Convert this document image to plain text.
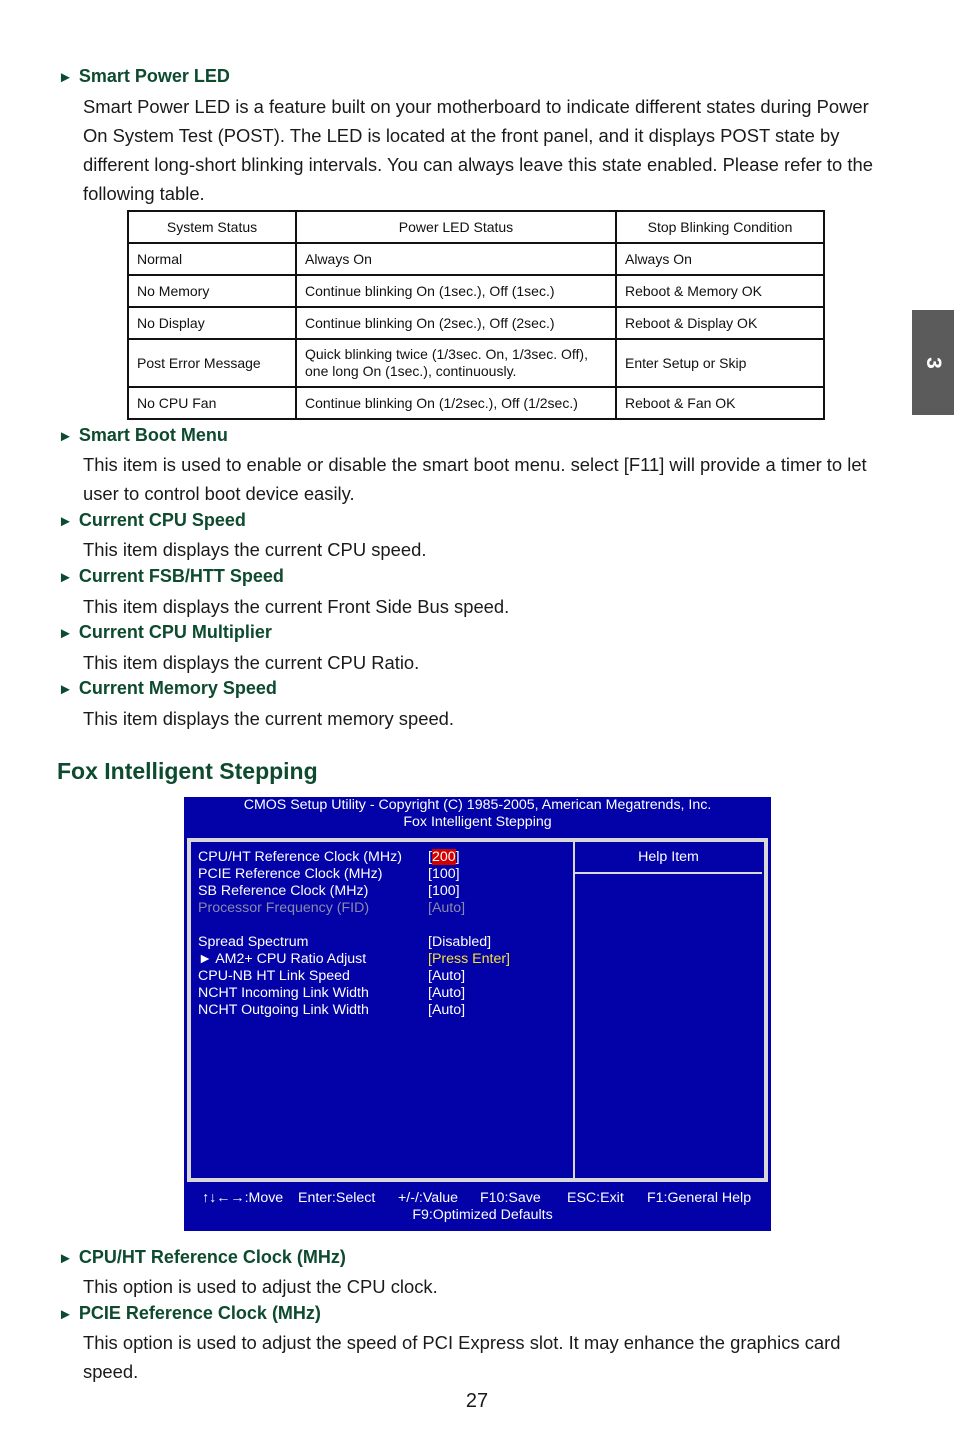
► Smart Power LED
Smart Power LED is a feature built on your motherboard to indicate different states during Power On System Test (POST). The LED is located at the front panel, and it displays POST state by different long-short blinking intervals. You can always leave this state enabled. Please refer to the following table.
System Status	Power LED Status	Stop Blinking Condition
Normal	Always On	Always On
No Memory	Continue blinking On (1sec.), Off (1sec.)	Reboot & Memory OK
No Display	Continue blinking On (2sec.), Off (2sec.)	Reboot & Display OK
Post Error Message	Quick blinking twice (1/3sec. On, 1/3sec. Off), one long On (1sec.), continuously.	Enter Setup or Skip
No CPU Fan	Continue blinking On (1/2sec.), Off (1/2sec.)	Reboot & Fan OK
► Smart Boot Menu
This item is used to enable or disable the smart boot menu. select [F11] will provide a timer to let user to control boot device easily.
► Current CPU Speed
This item displays the current CPU speed.
► Current FSB/HTT Speed
This item displays the current Front Side Bus speed.
► Current CPU Multiplier
This item displays the current CPU Ratio.
► Current Memory Speed
This item displays the current memory speed.
Fox Intelligent Stepping
CMOS Setup Utility - Copyright (C) 1985-2005, American Megatrends, Inc.
Fox Intelligent Stepping
Help Item
CPU/HT Reference Clock (MHz) [200]
PCIE Reference Clock (MHz)	[100]
SB Reference Clock (MHz)	[100]
Processor Frequency (FID)	[Auto]
Spread Spectrum	[Disabled]
► AM2+ CPU Ratio Adjust	[Press Enter]
CPU-NB HT Link Speed	[Auto]
NCHT Incoming Link Width	[Auto]
NCHT Outgoing Link Width	[Auto]
↑↓←→:Move Enter:Select +/-/:Value F10:Save ESC:Exit F1:General Help
F9:Optimized Defaults
► CPU/HT Reference Clock (MHz)
This option is used to adjust the CPU clock.
► PCIE Reference Clock (MHz)
This option is used to adjust the speed of PCI Express slot. It may enhance the graphics card speed.
3
27
